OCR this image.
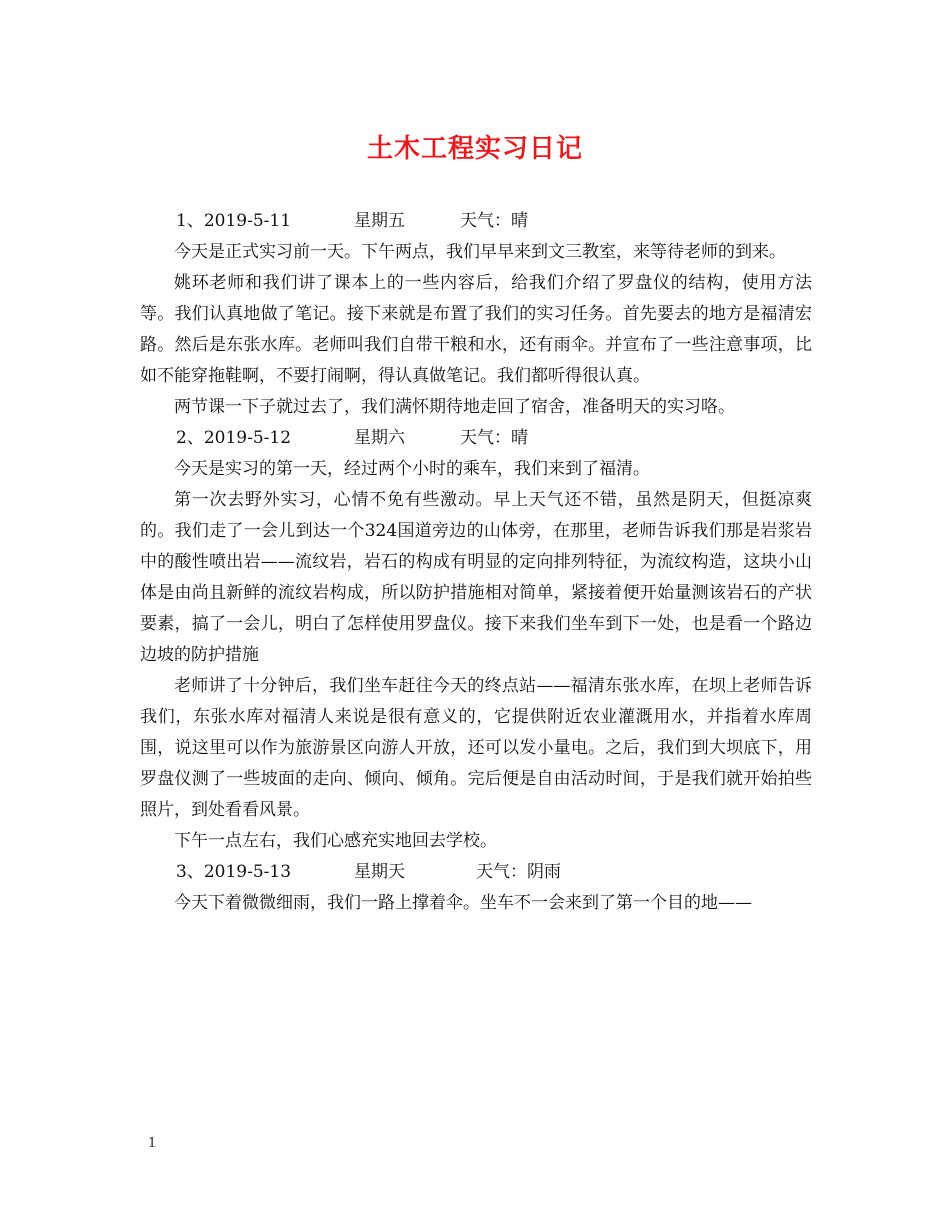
土木工程实习日记

1、2019-5-11	星期五	天气：晴

今天是正式实习前一天。下午两点，我们早早来到文三教室，来等待老师的到来。

姚环老师和我们讲了课本上的一些内容后，给我们介绍了罗盘仪的结构，使用方法等。我们认真地做了笔记。接下来就是布置了我们的实习任务。首先要去的地方是福清宏路。然后是东张水库。老师叫我们自带干粮和水，还有雨伞。并宣布了一些注意事项，比如不能穿拖鞋啊，不要打闹啊，得认真做笔记。我们都听得很认真。

两节课一下子就过去了，我们满怀期待地走回了宿舍，准备明天的实习咯。

2、2019-5-12	星期六	天气：晴

今天是实习的第一天，经过两个小时的乘车，我们来到了福清。

第一次去野外实习，心情不免有些激动。早上天气还不错，虽然是阴天，但挺凉爽的。我们走了一会儿到达一个324国道旁边的山体旁，在那里，老师告诉我们那是岩浆岩中的酸性喷出岩——流纹岩，岩石的构成有明显的定向排列特征，为流纹构造，这块小山体是由尚且新鲜的流纹岩构成，所以防护措施相对简单，紧接着便开始量测该岩石的产状要素，搞了一会儿，明白了怎样使用罗盘仪。接下来我们坐车到下一处，也是看一个路边边坡的防护措施

老师讲了十分钟后，我们坐车赶往今天的终点站——福清东张水库，在坝上老师告诉我们，东张水库对福清人来说是很有意义的，它提供附近农业灌溉用水，并指着水库周围，说这里可以作为旅游景区向游人开放，还可以发小量电。之后，我们到大坝底下，用罗盘仪测了一些坡面的走向、倾向、倾角。完后便是自由活动时间，于是我们就开始拍些照片，到处看看风景。

下午一点左右，我们心感充实地回去学校。

3、2019-5-13	星期天	天气：阴雨

今天下着微微细雨，我们一路上撑着伞。坐车不一会来到了第一个目的地——

1
